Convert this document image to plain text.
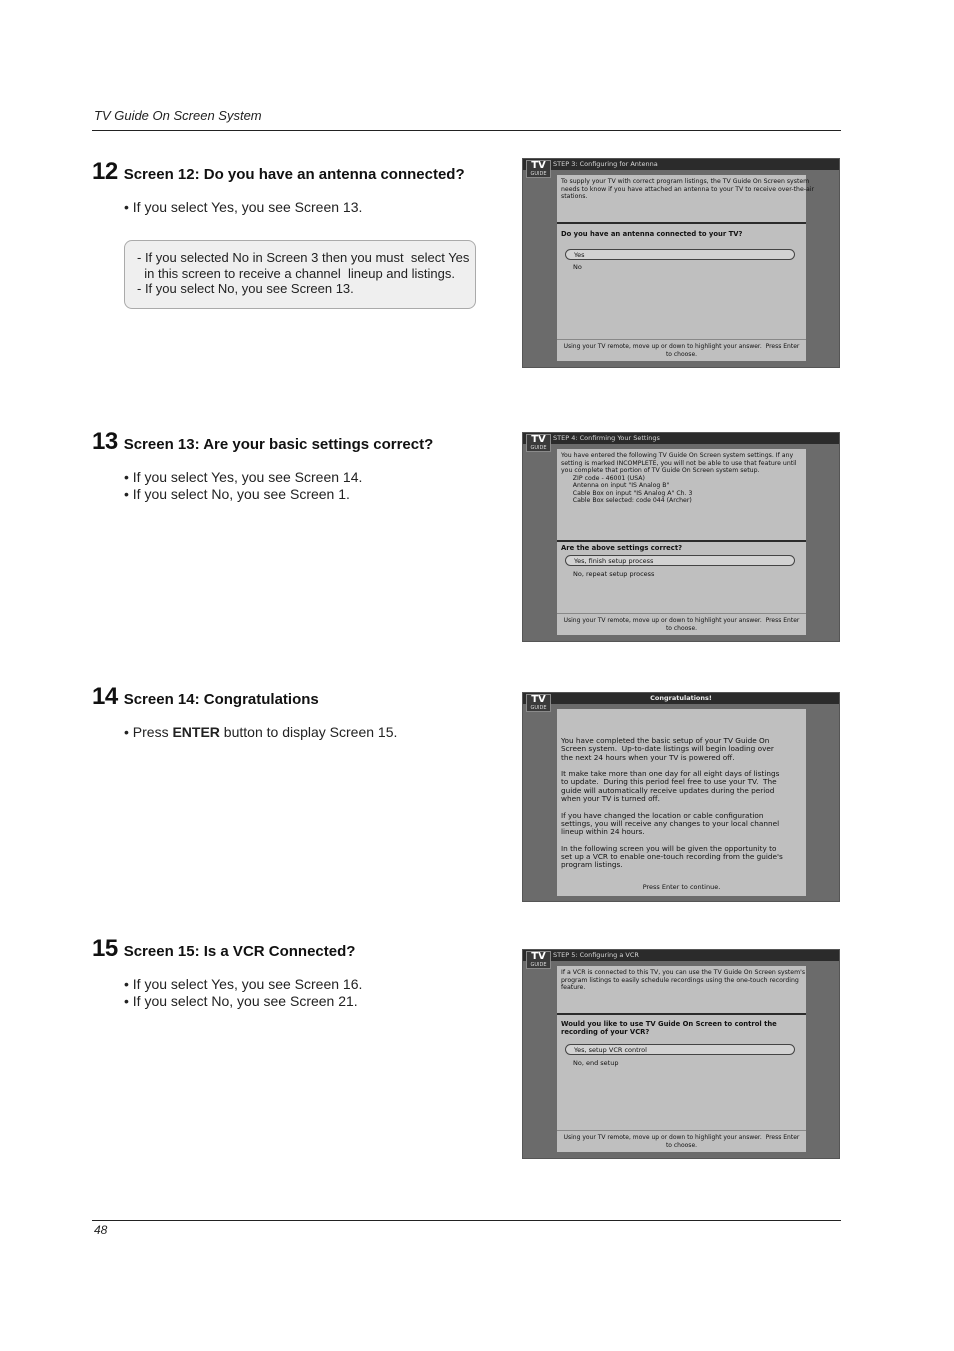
TV Guide On Screen System
12 Screen 12: Do you have an antenna connected?
• If you select Yes, you see Screen 13.
- If you selected No in Screen 3 then you must  select Yes
in this screen to receive a channel  lineup and listings.
- If you select No, you see Screen 13.
TV
GUIDE
STEP 3: Configuring for Antenna
To supply your TV with correct program listings, the TV Guide On Screen system
needs to know if you have attached an antenna to your TV to receive over-the-air
stations.
Do you have an antenna connected to your TV?
Yes
No
Using your TV remote, move up or down to highlight your answer.  Press Enter
to choose.
13 Screen 13: Are your basic settings correct?
• If you select Yes, you see Screen 14.
• If you select No, you see Screen 1.
TV
GUIDE
STEP 4: Confirming Your Settings
You have entered the following TV Guide On Screen system settings. If any
setting is marked INCOMPLETE, you will not be able to use that feature until
you complete that portion of TV Guide On Screen system setup.
ZIP code - 46001 (USA)
Antenna on input "IS Analog B"
Cable Box on input "IS Analog A" Ch. 3
Cable Box selected: code 044 (Archer)
Are the above settings correct?
Yes, finish setup process
No, repeat setup process
Using your TV remote, move up or down to highlight your answer.  Press Enter
to choose.
14 Screen 14: Congratulations
• Press ENTER button to display Screen 15.
TV
GUIDE
Congratulations!
You have completed the basic setup of your TV Guide On
Screen system.  Up-to-date listings will begin loading over
the next 24 hours when your TV is powered off.
It make take more than one day for all eight days of listings
to update.  During this period feel free to use your TV.  The
guide will automatically receive updates during the period
when your TV is turned off.
If you have changed the location or cable configuration
settings, you will receive any changes to your local channel
lineup within 24 hours.
In the following screen you will be given the opportunity to
set up a VCR to enable one-touch recording from the guide's
program listings.
Press Enter to continue.
15 Screen 15: Is a VCR Connected?
• If you select Yes, you see Screen 16.
• If you select No, you see Screen 21.
TV
GUIDE
STEP 5: Configuring a VCR
If a VCR is connected to this TV, you can use the TV Guide On Screen system's
program listings to easily schedule recordings using the one-touch recording
feature.
Would you like to use TV Guide On Screen to control the
recording of your VCR?
Yes, setup VCR control
No, end setup
Using your TV remote, move up or down to highlight your answer.  Press Enter
to choose.
48
